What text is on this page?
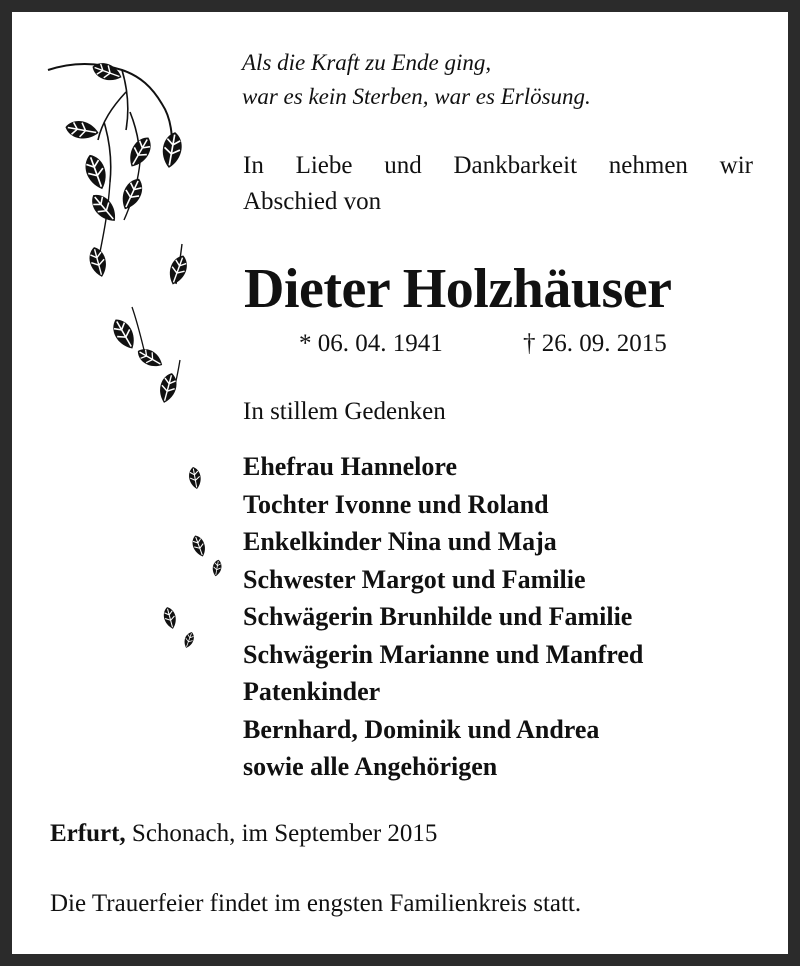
Als die Kraft zu Ende ging,
war es kein Sterben, war es Erlösung.
In Liebe und Dankbarkeit nehmen wir
Abschied von
Dieter Holzhäuser
* 06. 04. 1941	† 26. 09. 2015
In stillem Gedenken
Ehefrau Hannelore
Tochter Ivonne und Roland
Enkelkinder Nina und Maja
Schwester Margot und Familie
Schwägerin Brunhilde und Familie
Schwägerin Marianne und Manfred
Patenkinder
Bernhard, Dominik und Andrea
sowie alle Angehörigen
Erfurt, Schonach, im September 2015
Die Trauerfeier findet im engsten Familienkreis statt.
